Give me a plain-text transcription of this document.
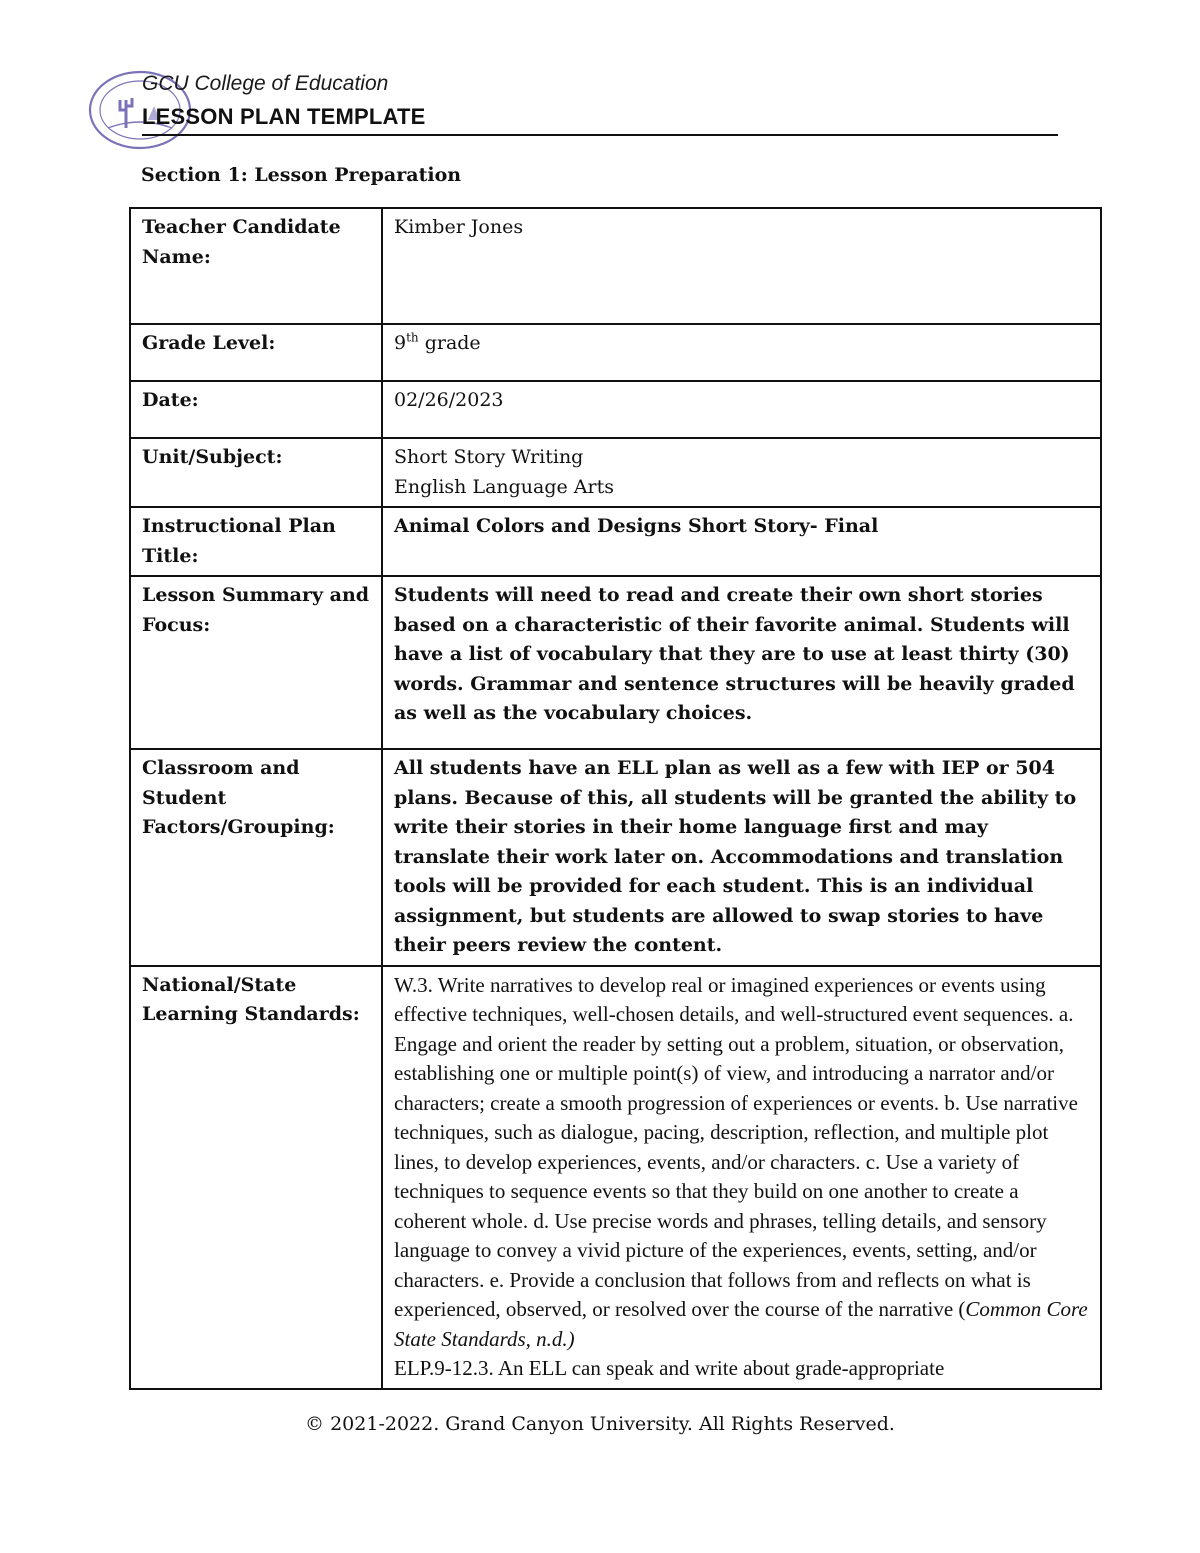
GCU College of Education
LESSON PLAN TEMPLATE
Section 1: Lesson Preparation
Teacher Candidate Name:	Kimber Jones
Grade Level:	9th grade
Date:	02/26/2023
Unit/Subject:	Short Story Writing
English Language Arts

Instructional Plan Title:	Animal Colors and Designs Short Story- Final
Lesson Summary and Focus:	Students will need to read and create their own short stories based on a characteristic of their favorite animal. Students will have a list of vocabulary that they are to use at least thirty (30) words. Grammar and sentence structures will be heavily graded as well as the vocabulary choices.
Classroom and Student Factors/Grouping:	All students have an ELL plan as well as a few with IEP or 504 plans. Because of this, all students will be granted the ability to write their stories in their home language first and may translate their work later on. Accommodations and translation tools will be provided for each student. This is an individual assignment, but students are allowed to swap stories to have their peers review the content.
National/State Learning Standards:	W.3. Write narratives to develop real or imagined experiences or events using effective techniques, well-chosen details, and well-structured event sequences. a. Engage and orient the reader by setting out a problem, situation, or observation, establishing one or multiple point(s) of view, and introducing a narrator and/or characters; create a smooth progression of experiences or events. b. Use narrative techniques, such as dialogue, pacing, description, reflection, and multiple plot lines, to develop experiences, events, and/or characters. c. Use a variety of techniques to sequence events so that they build on one another to create a coherent whole. d. Use precise words and phrases, telling details, and sensory language to convey a vivid picture of the experiences, events, setting, and/or characters. e. Provide a conclusion that follows from and reflects on what is experienced, observed, or resolved over the course of the narrative (Common Core State Standards, n.d.)
ELP.9-12.3. An ELL can speak and write about grade-appropriate
© 2021-2022. Grand Canyon University. All Rights Reserved.
